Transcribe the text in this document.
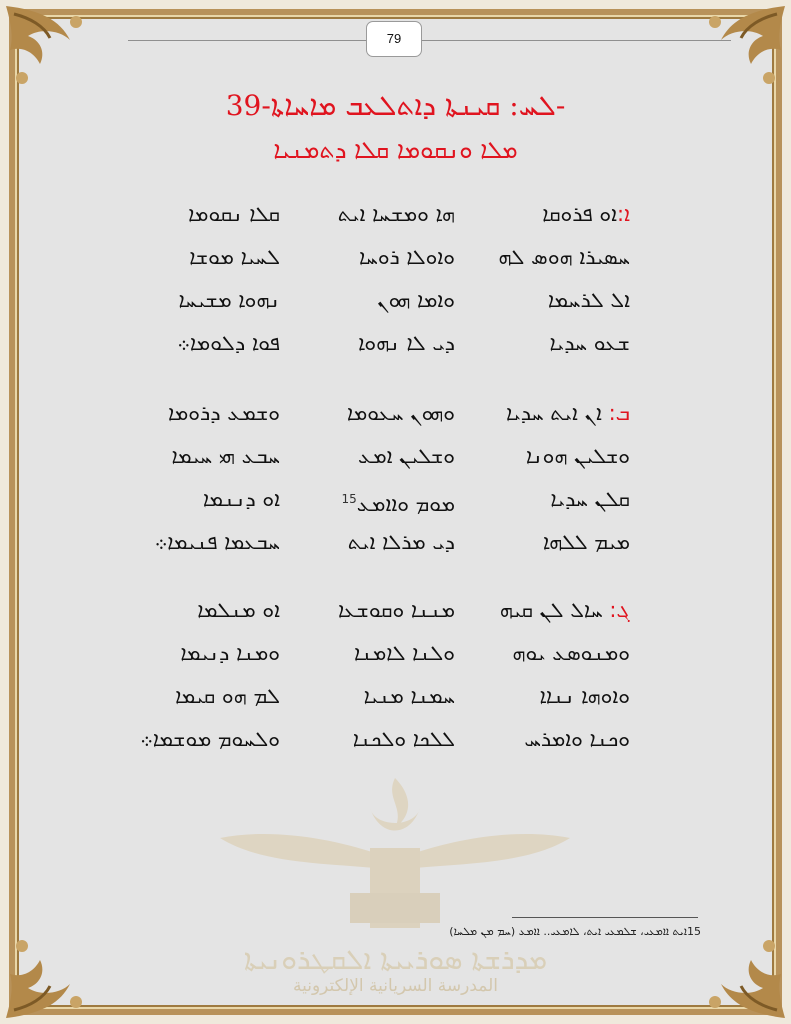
79
ܠܚ: ܩܝܢܬܐ ܕܐܬܠܥܒ ܡܐܚܐܬܐ-39-
ܡܠܐ ܘܢܩܘܡܐ ܩܠܐ ܕܬܡܢܝܐ
ܡܕܪܫܬܐ ܣܘܪܝܝܬܐ ܐܠܩܛܪܘܢܝܬܐ
المدرسة السريانية الإلكترونية
ܐ:ܐܘ ܦܪܘܩܐ
ܗܐ ܘܡܫܚܐ ܐܝܬ
ܩܠܐ ܢܩܘܡܐ
ܚܣܝܪܐ ܗܘܣ ܠܗ
ܘܐܘܠܐ ܪܘܚܐ
ܠܚܝܐ ܡܘܫܐ
ܐܠ ܠܪܚܡܐ
ܘܐܡܐ ܗܘܢ
ܢܗܘܐ ܡܫܝܚܐ
ܫܥܘ ܚܕܝܐ
ܕܝ ܠܐ ܢܗܘܐ
ܦܘܐ ܕܠܘܡܐ܀
ܒ: ܐܢ ܐܝܬ ܚܕܝܐ
ܘܗܘܢ ܚܥܘܡܐ
ܘܫܡܥ ܕܪܘܡܐ
ܘܫܠܝܢ ܗܘܢܐ
ܘܫܠܝܢ ܐܡܥ
ܚܒܥ ܗܝ ܚܝܡܐ
ܩܠܢ ܚܕܝܐ
ܡܘܡ ܘܐܐܡܥ$^{15}$
ܐܘ ܕܢܢܡܐ
ܡܝܡ ܠܠܗܐ
ܕܝ ܡܪܠܐ ܐܝܬ
ܚܒܥܡܐ ܦܢܝܡܐ܀
ܓ: ܚܐܠ ܠܢ ܩܝܗ
ܡܢܢܐ ܘܩܘܫܥܐ
ܐܘ ܡܢܠܡܐ
ܘܡܢܘܣܥ ܝܘܗ
ܘܠܢܐ ܠܐܡܢܐ
ܘܡܢܐ ܕܢܝܡܐ
ܘܐܘܗܐ ܢܢܐܐ
ܚܡܢܐ ܡܢܝܐ
ܠܡ ܗܘ ܩܝܡܐ
ܘܟܢܐ ܘܐܡܪܚ
ܠܠܟܐ ܘܠܟܢܐ
ܘܠܚܘܡ ܡܘܫܡܐ܀
15ܐܝܬ ܐܐܡܥܝ، ܫܠܡܥܝ ܐܝܬ، ܠܐܡܥܝ.. ܐܐܡܥ (ܚܡ ܡܢ ܡܠܚܐ)
